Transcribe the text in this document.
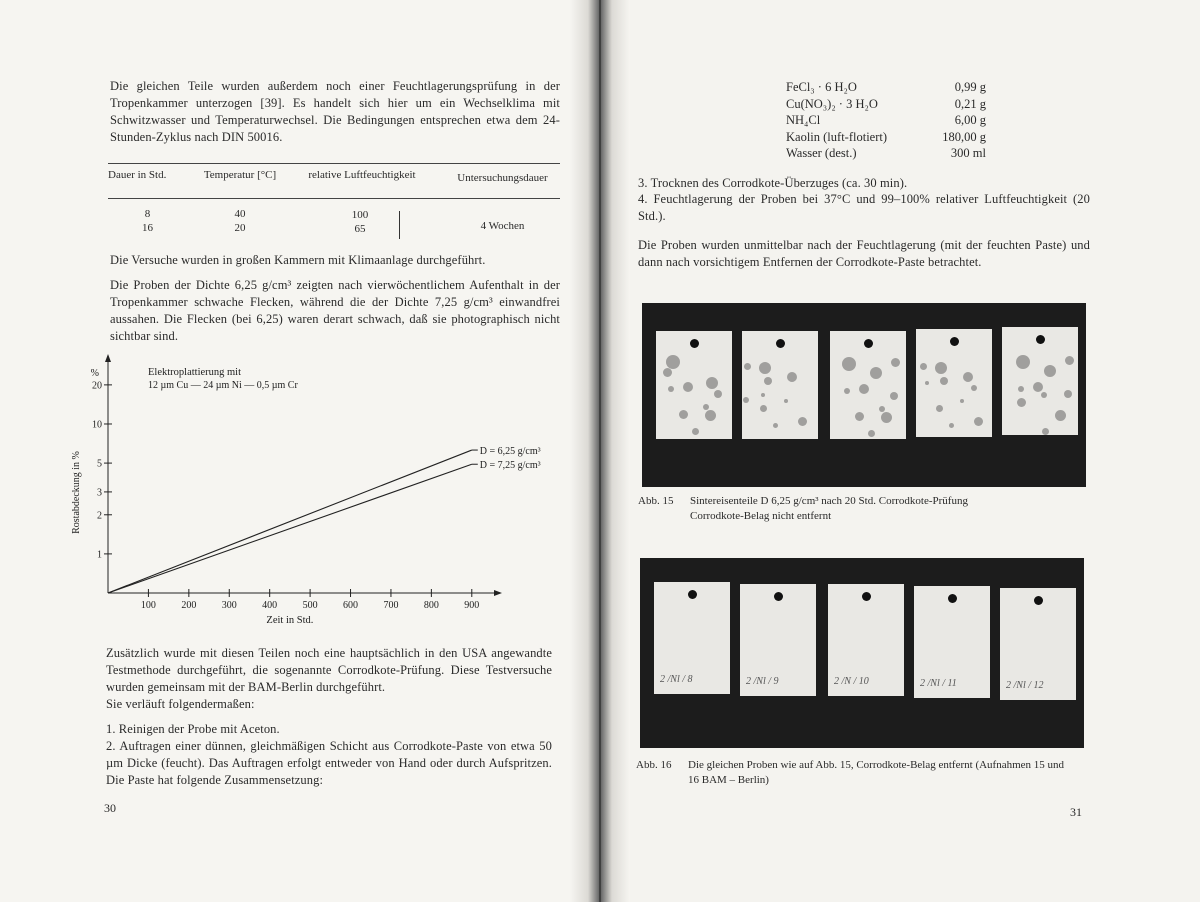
Die gleichen Teile wurden außerdem noch einer Feuchtlagerungsprüfung in der Tropenkammer unterzogen [39]. Es handelt sich hier um ein Wechselklima mit Schwitzwasser und Temperaturwechsel. Die Bedingungen entsprechen etwa dem 24-Stunden-Zyklus nach DIN 50016.
Dauer in Std.	Temperatur [°C]	relative Luftfeuchtigkeit	Untersuchungsdauer
8	40	100
16	20	65	4 Wochen
Die Versuche wurden in großen Kammern mit Klimaanlage durchgeführt.
Die Proben der Dichte 6,25 g/cm³ zeigten nach vierwöchentlichem Aufenthalt in der Tropenkammer schwache Flecken, während die der Dichte 7,25 g/cm³ einwandfrei aussahen. Die Flecken (bei 6,25) waren derart schwach, daß sie photographisch nicht sichtbar sind.
100	200	300	400	500	600	700	800	900
1
2
3
5
10
20
%
Rostabdeckung in %
Zeit in Std.
Elektroplattierung mit
12 µm Cu — 24 µm Ni — 0,5 µm Cr
D = 6,25 g/cm³
D = 7,25 g/cm³
Zusätzlich wurde mit diesen Teilen noch eine hauptsächlich in den USA angewandte Testmethode durchgeführt, die sogenannte Corrodkote-Prüfung. Diese Testversuche wurden gemeinsam mit der BAM-Berlin durchgeführt.
Sie verläuft folgendermaßen:
1. Reinigen der Probe mit Aceton.
2. Auftragen einer dünnen, gleichmäßigen Schicht aus Corrodkote-Paste von etwa 50 µm Dicke (feucht). Das Auftragen erfolgt entweder von Hand oder durch Aufspritzen. Die Paste hat folgende Zusammensetzung:
30
FeCl₃ · 6 H₂O	0,99 g
Cu(NO₃)₂ · 3 H₂O	0,21 g
NH₄Cl	6,00 g
Kaolin (luft-flotiert)	180,00 g
Wasser (dest.)	300 ml
3. Trocknen des Corrodkote-Überzuges (ca. 30 min).
4. Feuchtlagerung der Proben bei 37°C und 99–100% relativer Luftfeuchtigkeit (20 Std.).
Die Proben wurden unmittelbar nach der Feuchtlagerung (mit der feuchten Paste) und dann nach vorsichtigem Entfernen der Corrodkote-Paste betrachtet.
Abb. 15	Sintereisenteile D 6,25 g/cm³ nach 20 Std. Corrodkote-Prüfung Corrodkote-Belag nicht entfernt
2 /Nl / 8	2 /Nl / 9	2 /N / 10	2 /Nl / 11	2 /Nl / 12
Abb. 16	Die gleichen Proben wie auf Abb. 15, Corrodkote-Belag entfernt (Aufnahmen 15 und 16 BAM – Berlin)
31
